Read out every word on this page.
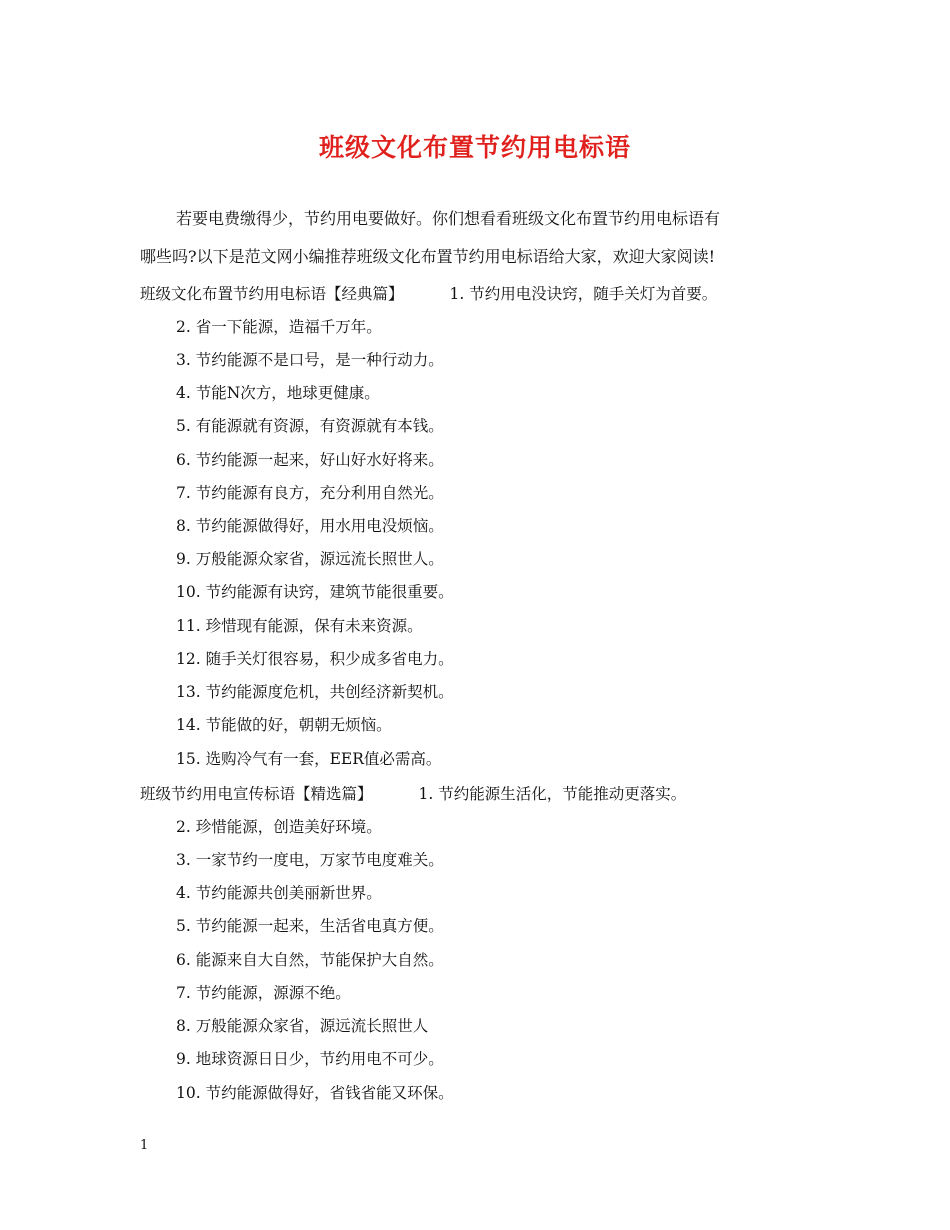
班级文化布置节约用电标语
若要电费缴得少，节约用电要做好。你们想看看班级文化布置节约用电标语有
哪些吗?以下是范文网小编推荐班级文化布置节约用电标语给大家，欢迎大家阅读!
班级文化布置节约用电标语【经典篇】	1. 节约用电没诀窍，随手关灯为首要。
2. 省一下能源，造福千万年。
3. 节约能源不是口号，是一种行动力。
4. 节能N次方，地球更健康。
5. 有能源就有资源，有资源就有本钱。
6. 节约能源一起来，好山好水好将来。
7. 节约能源有良方，充分利用自然光。
8. 节约能源做得好，用水用电没烦恼。
9. 万般能源众家省，源远流长照世人。
10. 节约能源有诀窍，建筑节能很重要。
11. 珍惜现有能源，保有未来资源。
12. 随手关灯很容易，积少成多省电力。
13. 节约能源度危机，共创经济新契机。
14. 节能做的好，朝朝无烦恼。
15. 选购冷气有一套，EER值必需高。
班级节约用电宣传标语【精选篇】	1. 节约能源生活化，节能推动更落实。
2. 珍惜能源，创造美好环境。
3. 一家节约一度电，万家节电度难关。
4. 节约能源共创美丽新世界。
5. 节约能源一起来，生活省电真方便。
6. 能源来自大自然，节能保护大自然。
7. 节约能源，源源不绝。
8. 万般能源众家省，源远流长照世人
9. 地球资源日日少，节约用电不可少。
10. 节约能源做得好，省钱省能又环保。
1
